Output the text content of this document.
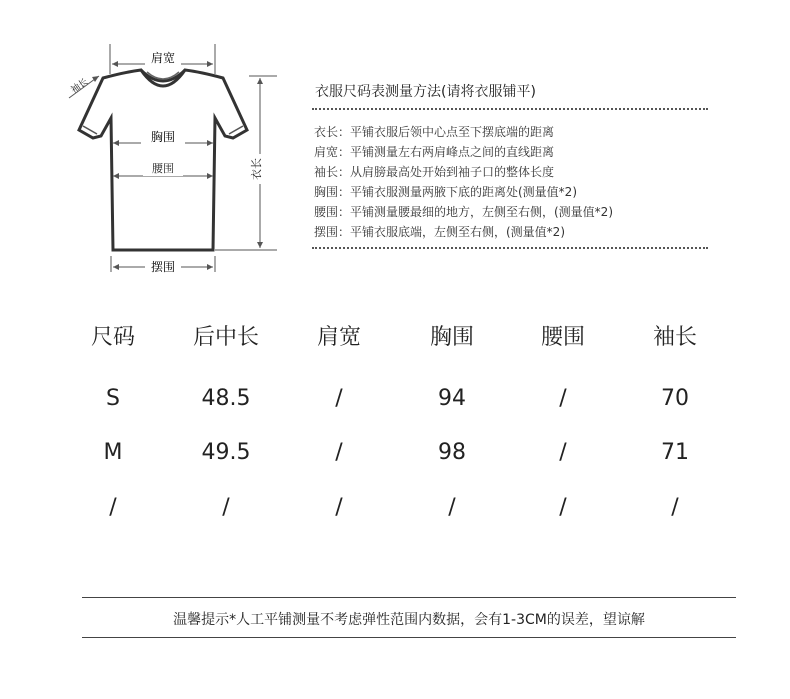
肩宽
袖长
胸围
腰围	衣长
摆围
衣服尺码表测量方法(请将衣服铺平)
衣长：平铺衣服后领中心点至下摆底端的距离
肩宽：平铺测量左右两肩峰点之间的直线距离
袖长：从肩膀最高处开始到袖子口的整体长度
胸围：平铺衣服测量两腋下底的距离处(测量值*2)
腰围：平铺测量腰最细的地方，左侧至右侧，(测量值*2)
摆围：平铺衣服底端，左侧至右侧，(测量值*2)
尺码	后中长	肩宽	胸围	腰围	袖长
S	48.5	/	94	/	70
M	49.5	/	98	/	71
/	/	/	/	/	/
温馨提示*人工平铺测量不考虑弹性范围内数据，会有1-3CM的误差，望谅解
